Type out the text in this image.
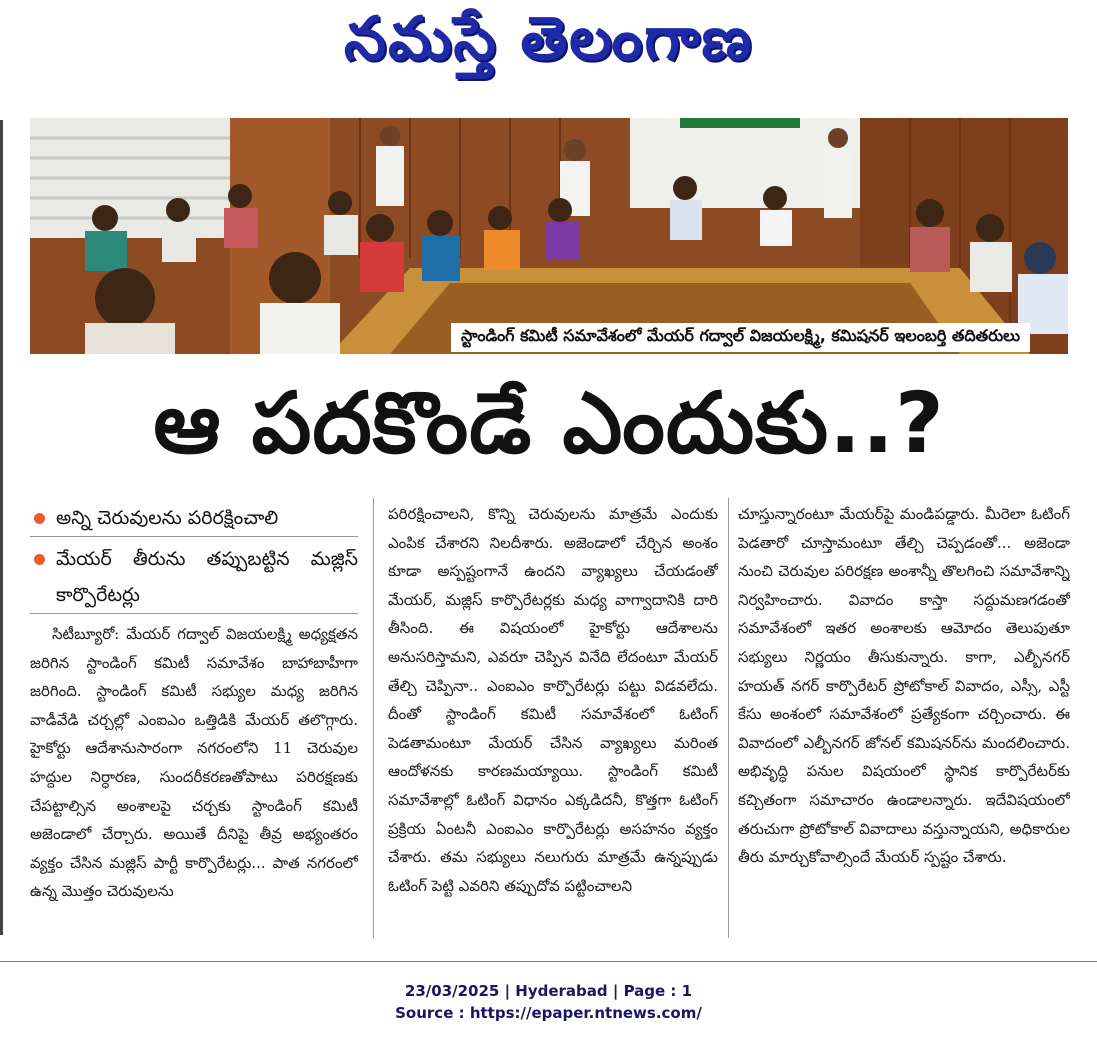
నమస్తే తెలంగాణ
స్టాండింగ్ కమిటీ సమావేశంలో మేయర్ గద్వాల్ విజయలక్ష్మి, కమిషనర్ ఇలంబర్తి తదితరులు
ఆ పదకొండే ఎందుకు..?
అన్ని చెరువులను పరిరక్షించాలి
మేయర్ తీరును తప్పుబట్టిన మజ్లిస్ కార్పొరేటర్లు

సిటీబ్యూరో: మేయర్ గద్వాల్ విజయలక్ష్మి అధ్యక్షతన జరిగిన స్టాండింగ్ కమిటీ సమావేశం బాహాబాహీగా జరిగింది. స్టాండింగ్ కమిటీ సభ్యుల మధ్య జరిగిన వాడీవేడి చర్చల్లో ఎంఐఎం ఒత్తిడికి మేయర్ తలొగ్గారు. హైకోర్టు ఆదేశానుసారంగా నగరంలోని 11 చెరువుల హద్దుల నిర్ధారణ, సుందరీకరణతోపాటు పరిరక్షణకు చేపట్టాల్సిన అంశాలపై చర్చకు స్టాండింగ్ కమిటీ అజెండాలో చేర్చారు. అయితే దీనిపై తీవ్ర అభ్యంతరం వ్యక్తం చేసిన మజ్లిస్ పార్టీ కార్పొరేటర్లు... పాత నగరంలో ఉన్న మొత్తం చెరువులను

పరిరక్షించాలని, కొన్ని చెరువులను మాత్రమే ఎందుకు ఎంపిక చేశారని నిలదీశారు. అజెండాలో చేర్చిన అంశం కూడా అస్పష్టంగానే ఉందని వ్యాఖ్యలు చేయడంతో మేయర్, మజ్లిస్ కార్పొరేటర్లకు మధ్య వాగ్వాదానికి దారి తీసింది. ఈ విషయంలో హైకోర్టు ఆదేశాలను అనుసరిస్తామని, ఎవరూ చెప్పిన వినేది లేదంటూ మేయర్ తేల్చి చెప్పినా.. ఎంఐఎం కార్పొరేటర్లు పట్టు విడవలేదు. దీంతో స్టాండింగ్ కమిటీ సమావేశంలో ఓటింగ్ పెడతామంటూ మేయర్ చేసిన వ్యాఖ్యలు మరింత ఆందోళనకు కారణమయ్యాయి. స్టాండింగ్ కమిటీ సమావేశాల్లో ఓటింగ్ విధానం ఎక్కడిదనీ, కొత్తగా ఓటింగ్ ప్రక్రియ ఏంటనీ ఎంఐఎం కార్పొరేటర్లు అసహనం వ్యక్తం చేశారు. తమ సభ్యులు నలుగురు మాత్రమే ఉన్నప్పుడు ఓటింగ్ పెట్టి ఎవరిని తప్పుదోవ పట్టించాలని

చూస్తున్నారంటూ మేయర్‌పై మండిపడ్డారు. మీరెలా ఓటింగ్ పెడతారో చూస్తామంటూ తేల్చి చెప్పడంతో... అజెండా నుంచి చెరువుల పరిరక్షణ అంశాన్నీ తొలగించి సమావేశాన్ని నిర్వహించారు. వివాదం కాస్తా సద్దుమణగడంతో సమావేశంలో ఇతర అంశాలకు ఆమోదం తెలుపుతూ సభ్యులు నిర్ణయం తీసుకున్నారు. కాగా, ఎల్బీనగర్ హయత్ నగర్ కార్పొరేటర్ ప్రోటోకాల్ వివాదం, ఎస్సీ, ఎస్టీ కేసు అంశంలో సమావేశంలో ప్రత్యేకంగా చర్చించారు. ఈ వివాదంలో ఎల్బీనగర్ జోనల్ కమిషనర్‌ను మందలించారు. అభివృద్ధి పనుల విషయంలో స్థానిక కార్పొరేటర్‌కు కచ్చితంగా సమాచారం ఉండాలన్నారు. ఇదేవిషయంలో తరుచుగా ప్రోటోకాల్ వివాదాలు వస్తున్నాయని, అధికారుల తీరు మార్చుకోవాల్సిందే మేయర్ స్పష్టం చేశారు.

23/03/2025 | Hyderabad | Page : 1
Source : https://epaper.ntnews.com/
